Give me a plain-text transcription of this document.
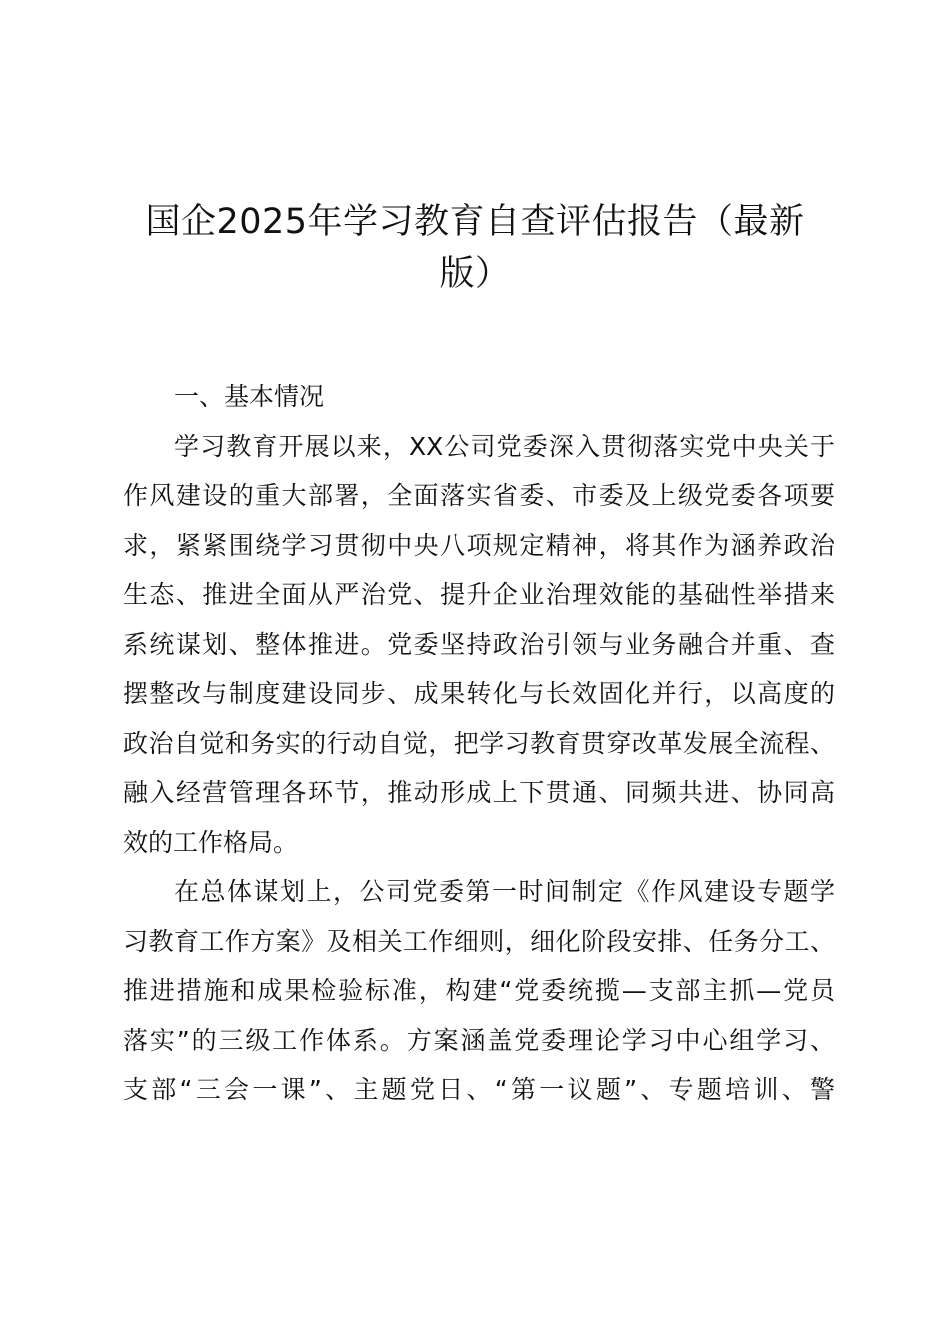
国企2025年学习教育自查评估报告（最新
版）

一、基本情况

学习教育开展以来，XX公司党委深入贯彻落实党中央关于
作风建设的重大部署，全面落实省委、市委及上级党委各项要
求，紧紧围绕学习贯彻中央八项规定精神，将其作为涵养政治
生态、推进全面从严治党、提升企业治理效能的基础性举措来
系统谋划、整体推进。党委坚持政治引领与业务融合并重、查
摆整改与制度建设同步、成果转化与长效固化并行，以高度的
政治自觉和务实的行动自觉，把学习教育贯穿改革发展全流程、
融入经营管理各环节，推动形成上下贯通、同频共进、协同高
效的工作格局。

在总体谋划上，公司党委第一时间制定《作风建设专题学
习教育工作方案》及相关工作细则，细化阶段安排、任务分工、
推进措施和成果检验标准，构建“党委统揽—支部主抓—党员
落实”的三级工作体系。方案涵盖党委理论学习中心组学习、
支部“三会一课”、主题党日、“第一议题”、专题培训、警
